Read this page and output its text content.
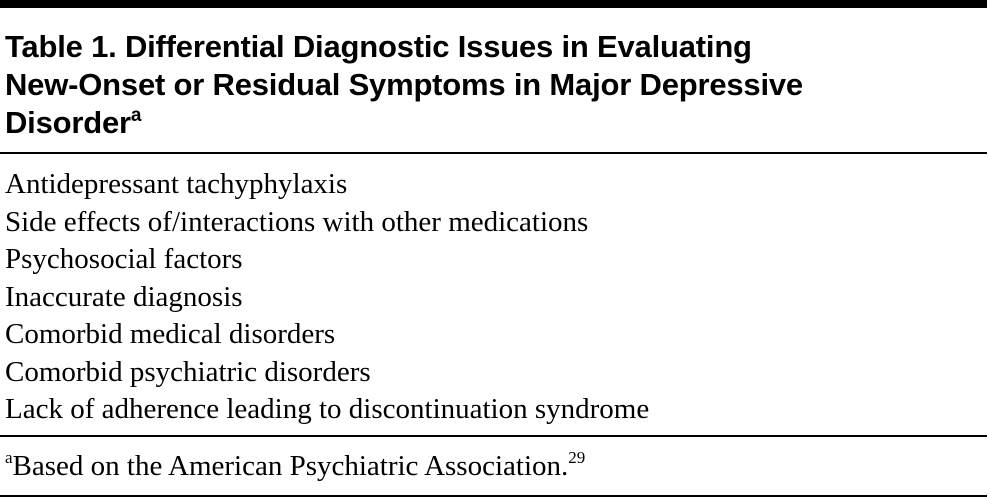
Table 1. Differential Diagnostic Issues in Evaluating
New-Onset or Residual Symptoms in Major Depressive
Disorder$^a$
Antidepressant tachyphylaxis
Side effects of/interactions with other medications
Psychosocial factors
Inaccurate diagnosis
Comorbid medical disorders
Comorbid psychiatric disorders
Lack of adherence leading to discontinuation syndrome
$^a$Based on the American Psychiatric Association.$^{29}$
